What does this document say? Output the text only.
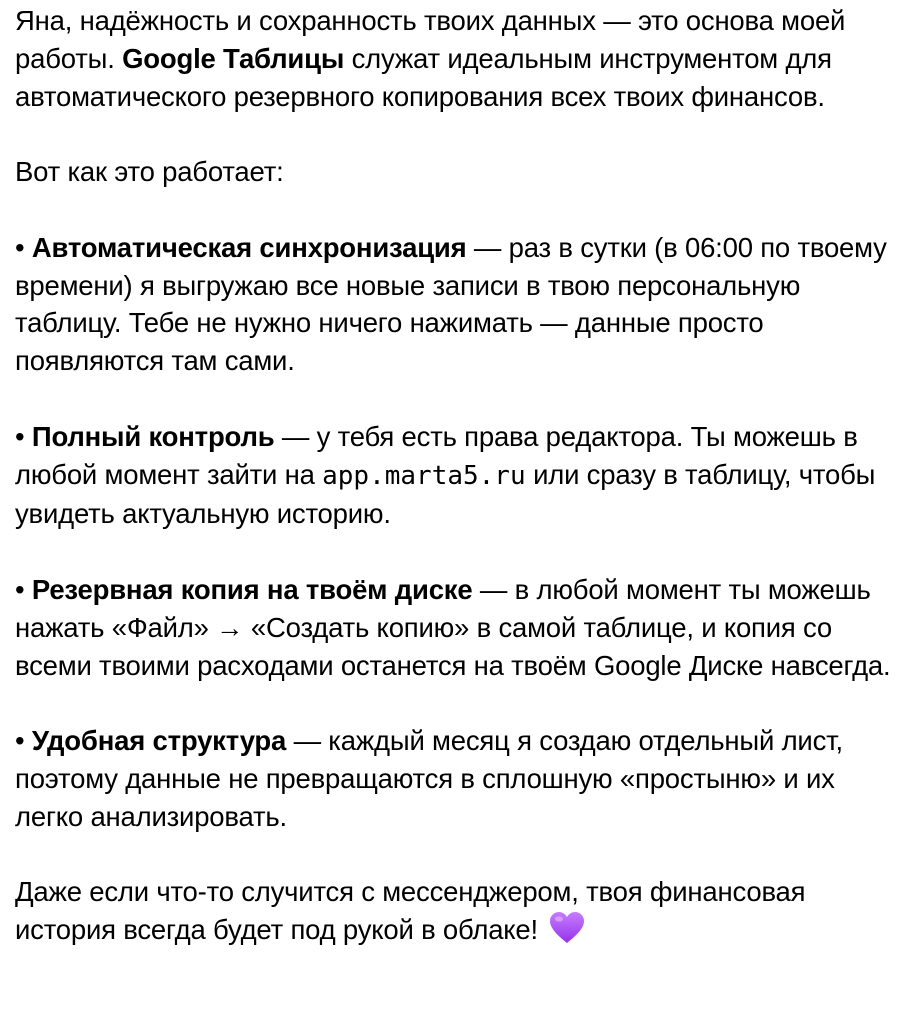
Яна, надёжность и сохранность твоих данных — это основа моей работы. Google Таблицы служат идеальным инструментом для автоматического резервного копирования всех твоих финансов.

Вот как это работает:

• Автоматическая синхронизация — раз в сутки (в 06:00 по твоему времени) я выгружаю все новые записи в твою персональную таблицу. Тебе не нужно ничего нажимать — данные просто появляются там сами.

• Полный контроль — у тебя есть права редактора. Ты можешь в любой момент зайти на app.marta5.ru или сразу в таблицу, чтобы увидеть актуальную историю.

• Резервная копия на твоём диске — в любой момент ты можешь нажать «Файл» → «Создать копию» в самой таблице, и копия со всеми твоими расходами останется на твоём Google Диске навсегда.

• Удобная структура — каждый месяц я создаю отдельный лист, поэтому данные не превращаются в сплошную «простыню» и их легко анализировать.

Даже если что-то случится с мессенджером, твоя финансовая история всегда будет под рукой в облаке!
